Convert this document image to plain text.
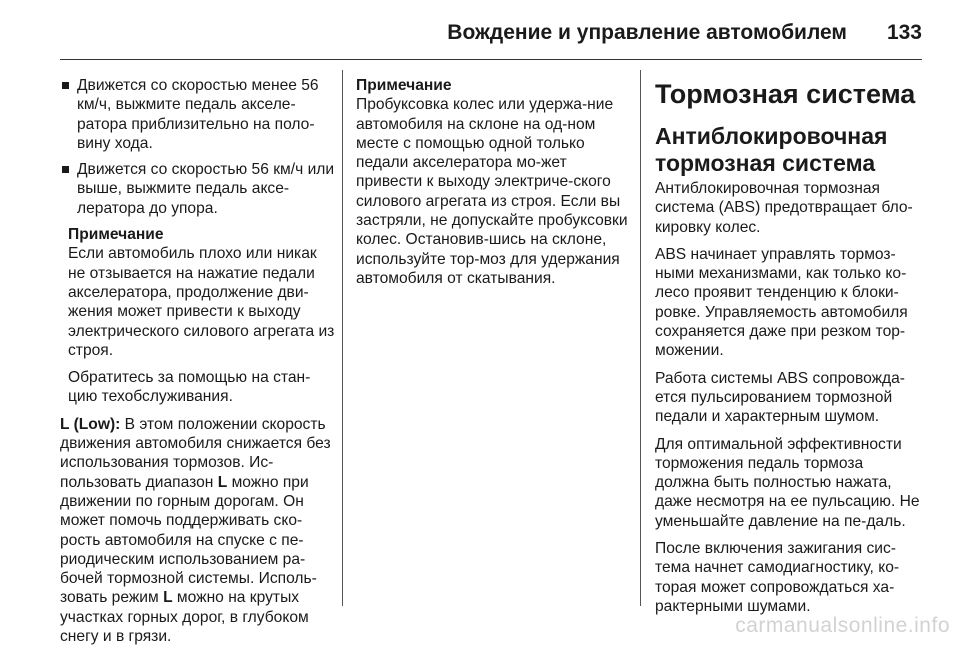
Вождение и управление автомобилем 133
Движется со скоростью менее 56 км/ч, выжмите педаль акселе-ратора приблизительно на поло-вину хода.
Движется со скоростью 56 км/ч или выше, выжмите педаль аксе-лератора до упора.
Примечание

Если автомобиль плохо или никак не отзывается на нажатие педали акселератора, продолжение дви-жения может привести к выходу электрического силового агрегата из строя.

Обратитесь за помощью на стан-цию техобслуживания.

L (Low): В этом положении скорость движения автомобиля снижается без использования тормозов. Ис-пользовать диапазон L можно при движении по горным дорогам. Он может помочь поддерживать ско-рость автомобиля на спуске с пе-риодическим использованием ра-бочей тормозной системы. Исполь-зовать режим L можно на крутых участках горных дорог, в глубоком снегу и в грязи.

Примечание

Пробуксовка колес или удержа-ние автомобиля на склоне на од-ном месте с помощью одной только педали акселератора мо-жет привести к выходу электриче-ского силового агрегата из строя. Если вы застряли, не допускайте пробуксовки колес. Остановив-шись на склоне, используйте тор-моз для удержания автомобиля от скатывания.

Тормозная система
Антиблокировочная тормозная система

Антиблокировочная тормозная система (ABS) предотвращает бло-кировку колес.

ABS начинает управлять тормоз-ными механизмами, как только ко-лесо проявит тенденцию к блоки-ровке. Управляемость автомобиля сохраняется даже при резком тор-можении.

Работа системы ABS сопровожда-ется пульсированием тормозной педали и характерным шумом.

Для оптимальной эффективности торможения педаль тормоза должна быть полностью нажата, даже несмотря на ее пульсацию. Не уменьшайте давление на пе-даль.

После включения зажигания сис-тема начнет самодиагностику, ко-торая может сопровождаться ха-рактерными шумами.

carmanualsonline.info
